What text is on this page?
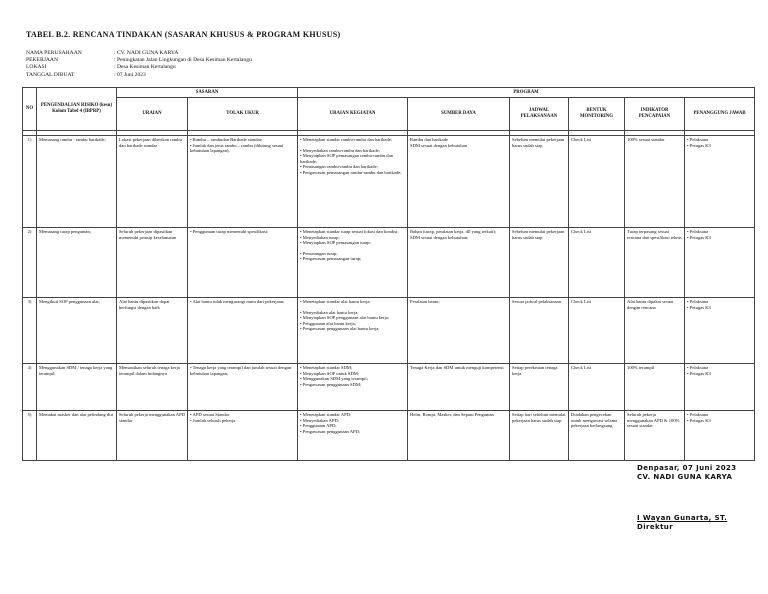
TABEL B.2. RENCANA TINDAKAN (SASARAN KHUSUS & PROGRAM KHUSUS)
NAMA PERUSAHAAN	: CV. NADI GUNA KARYA
PEKERJAAN	: Peningkatan Jalan Lingkungan di Desa Kesiman Kertalangu
LOKASI	: Desa Kesiman Kertalangu
TANGGAL DIBUAT	: 07 Juni 2023
NO	PENGENDALIAN RISIKO (kesu) Kolom Tabel 4 (IBPRP)	SASARAN		PROGRAM					
		URAIAN	TOLAK UKUR	URAIAN KEGIATAN	SUMBER DAYA	JADWAL PELAKSANAAN	BENTUK MONITORING	INDIKATOR PENCAPAIAN	PENANGGUNG JAWAB

1)	Memasang rambu - rambu barikade;	Lokasi pekerjaan diberikan rambu dan barikade standar	• Rambu – rambudan Barikade standar;
• Jumlah dan jenis rambu – rambu (dihitung sesuai kebutuhan lapangan);	• Menetapkan standar rambu-rambu dan barikade;
• Menyediakan rambu-rambu dan barikade;
• Menyiapkan SOP pemasangan rambu-rambu dan barikade;
• Pemasangan rambu-rambu dan barikade;
• Pengawasan pemasangan rambu-rambu dan barikade;	Rambu dan barikade
SDM sesuai dengan kebutuhan	Sebelum memulai pekerjaan harus sudah siap	Check List	100% sesuai standar	• Pelaksana
• Petugas K3

2)	Memasang turap pengaman;	Seluruh pekerjaan dipastikan memenuhi prinsip keselamatan	• Penggunaan turap memenuhi spesifikasi;	• Menetapkan standar turap sesuai lokasi dan kondisi;
• Menyediakan turap;
• Menyiapkan SOP pemasangan turap;
• Pemasangan turap;
• Pengawasan pemasangan turap;	Bahan (turap, peralatan kerja, dll yang terkait);
SDM sesuai dengan kebutuhan;	Sebelum memulai pekerjaan harus sudah siap	Check List	Turap terpasang sesuai rencana dan spesifikasi teknis	• Pelaksana
• Petugas K3

3)	Mengikuti SOP penggunaan alat;	Alat bantu dipastikan dapat berfungsi dengan baik	• Alat bantu tidak mengurangi mutu dari pekerjaan;	• Menetapkan standar alat bantu kerja;
• Menyediakan alat bantu kerja;
• Menyiapkan SOP penggunaan alat bantu kerja;
• Penggunaan alat bantu kerja;
• Pengawasan penggunaan alat bantu kerja;	Peralatan bantu;	Sesuai jadwal pelaksanaan	Check List	Alat bantu dipakai sesuai dengan rencana	• Pelaksana
• Petugas K3

4)	Menggunakan SDM / tenaga kerja yang terampil;	Memastikan seluruh tenaga kerja terampil dalam bidangnya	• Tenaga kerja yang terampil dan jumlah sesuai dengan kebutuhan lapangan;	• Menetapkan standar SDM;
• Menyiapkan SOP untuk SDM;
• Menggunakan SDM yang terampil;
• Pengawasan penggunaan SDM;	Tenaga Kerja dan SDM untuk menguji kompetensi	Setiap perekrutan tenaga kerja	Check List	100% terampil	• Pelaksana
• Petugas K3

5)	Memakai masker dan alat pelindung diri	Seluruh pekerja menggunakan APD standar	• APD sesuai Standar
• Jumlah seluruh pekerja	• Menetapkan standar APD;
• Menyediakan APD;
• Penggunaan APD;
• Pengawasan penggunaan APD;	Helm, Rompi, Masker, dan Sepatu Pengaman	Setiap hari sebelum memulai pekerjaan harus sudah siap	Diadakan pengecekan untuk mengawasi selama pekerjaan berlangsung	Seluruh pekerja menggunakan APD & 100% sesuai standar	• Pelaksana
• Petugas K3
Denpasar, 07 Juni 2023
CV. NADI GUNA KARYA
I Wayan Gunarta, ST.
Direktur
